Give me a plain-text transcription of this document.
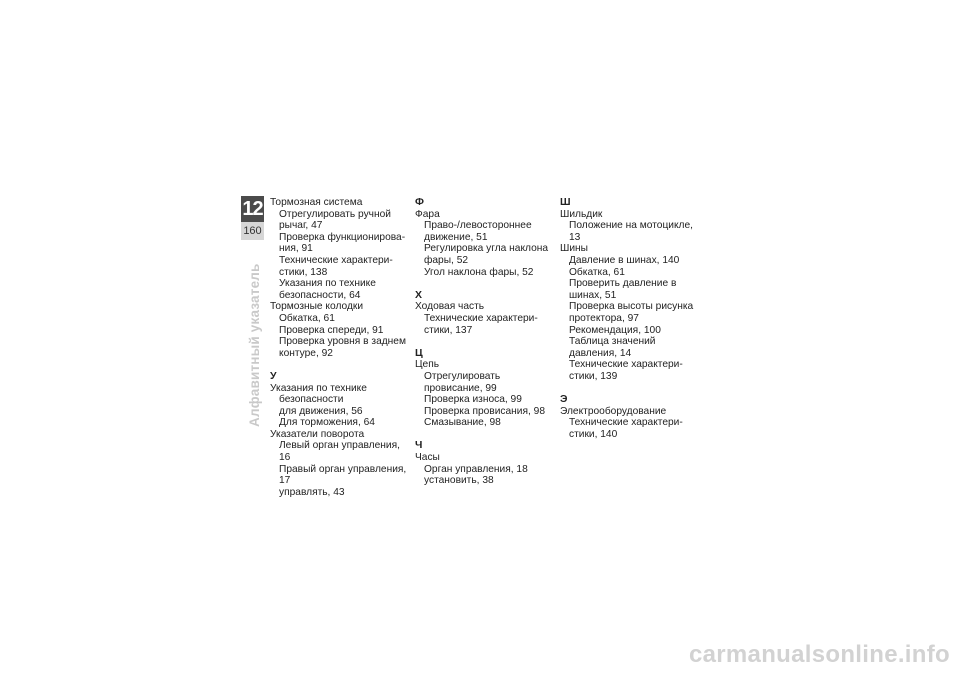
12
160
Алфавитный указатель
Тормозная система
Отрегулировать ручной
рычаг, 47
Проверка функционирова-
ния, 91
Технические характери-
стики, 138
Указания по технике
безопасности, 64
Тормозные колодки
Обкатка, 61
Проверка спереди, 91
Проверка уровня в заднем
контуре, 92
У
Указания по технике
безопасности
для движения, 56
Для торможения, 64
Указатели поворота
Левый орган управления, 16
Правый орган управления, 17
управлять, 43
Ф
Фара
Право-/левостороннее
движение, 51
Регулировка угла наклона
фары, 52
Угол наклона фары, 52
Х
Ходовая часть
Технические характери-
стики, 137
Ц
Цепь
Отрегулировать
провисание, 99
Проверка износа, 99
Проверка провисания, 98
Смазывание, 98
Ч
Часы
Орган управления, 18
установить, 38
Ш
Шильдик
Положение на мотоцикле, 13
Шины
Давление в шинах, 140
Обкатка, 61
Проверить давление в
шинах, 51
Проверка высоты рисунка
протектора, 97
Рекомендация, 100
Таблица значений
давления, 14
Технические характери-
стики, 139
Э
Электрооборудование
Технические характери-
стики, 140
carmanualsonline.info
